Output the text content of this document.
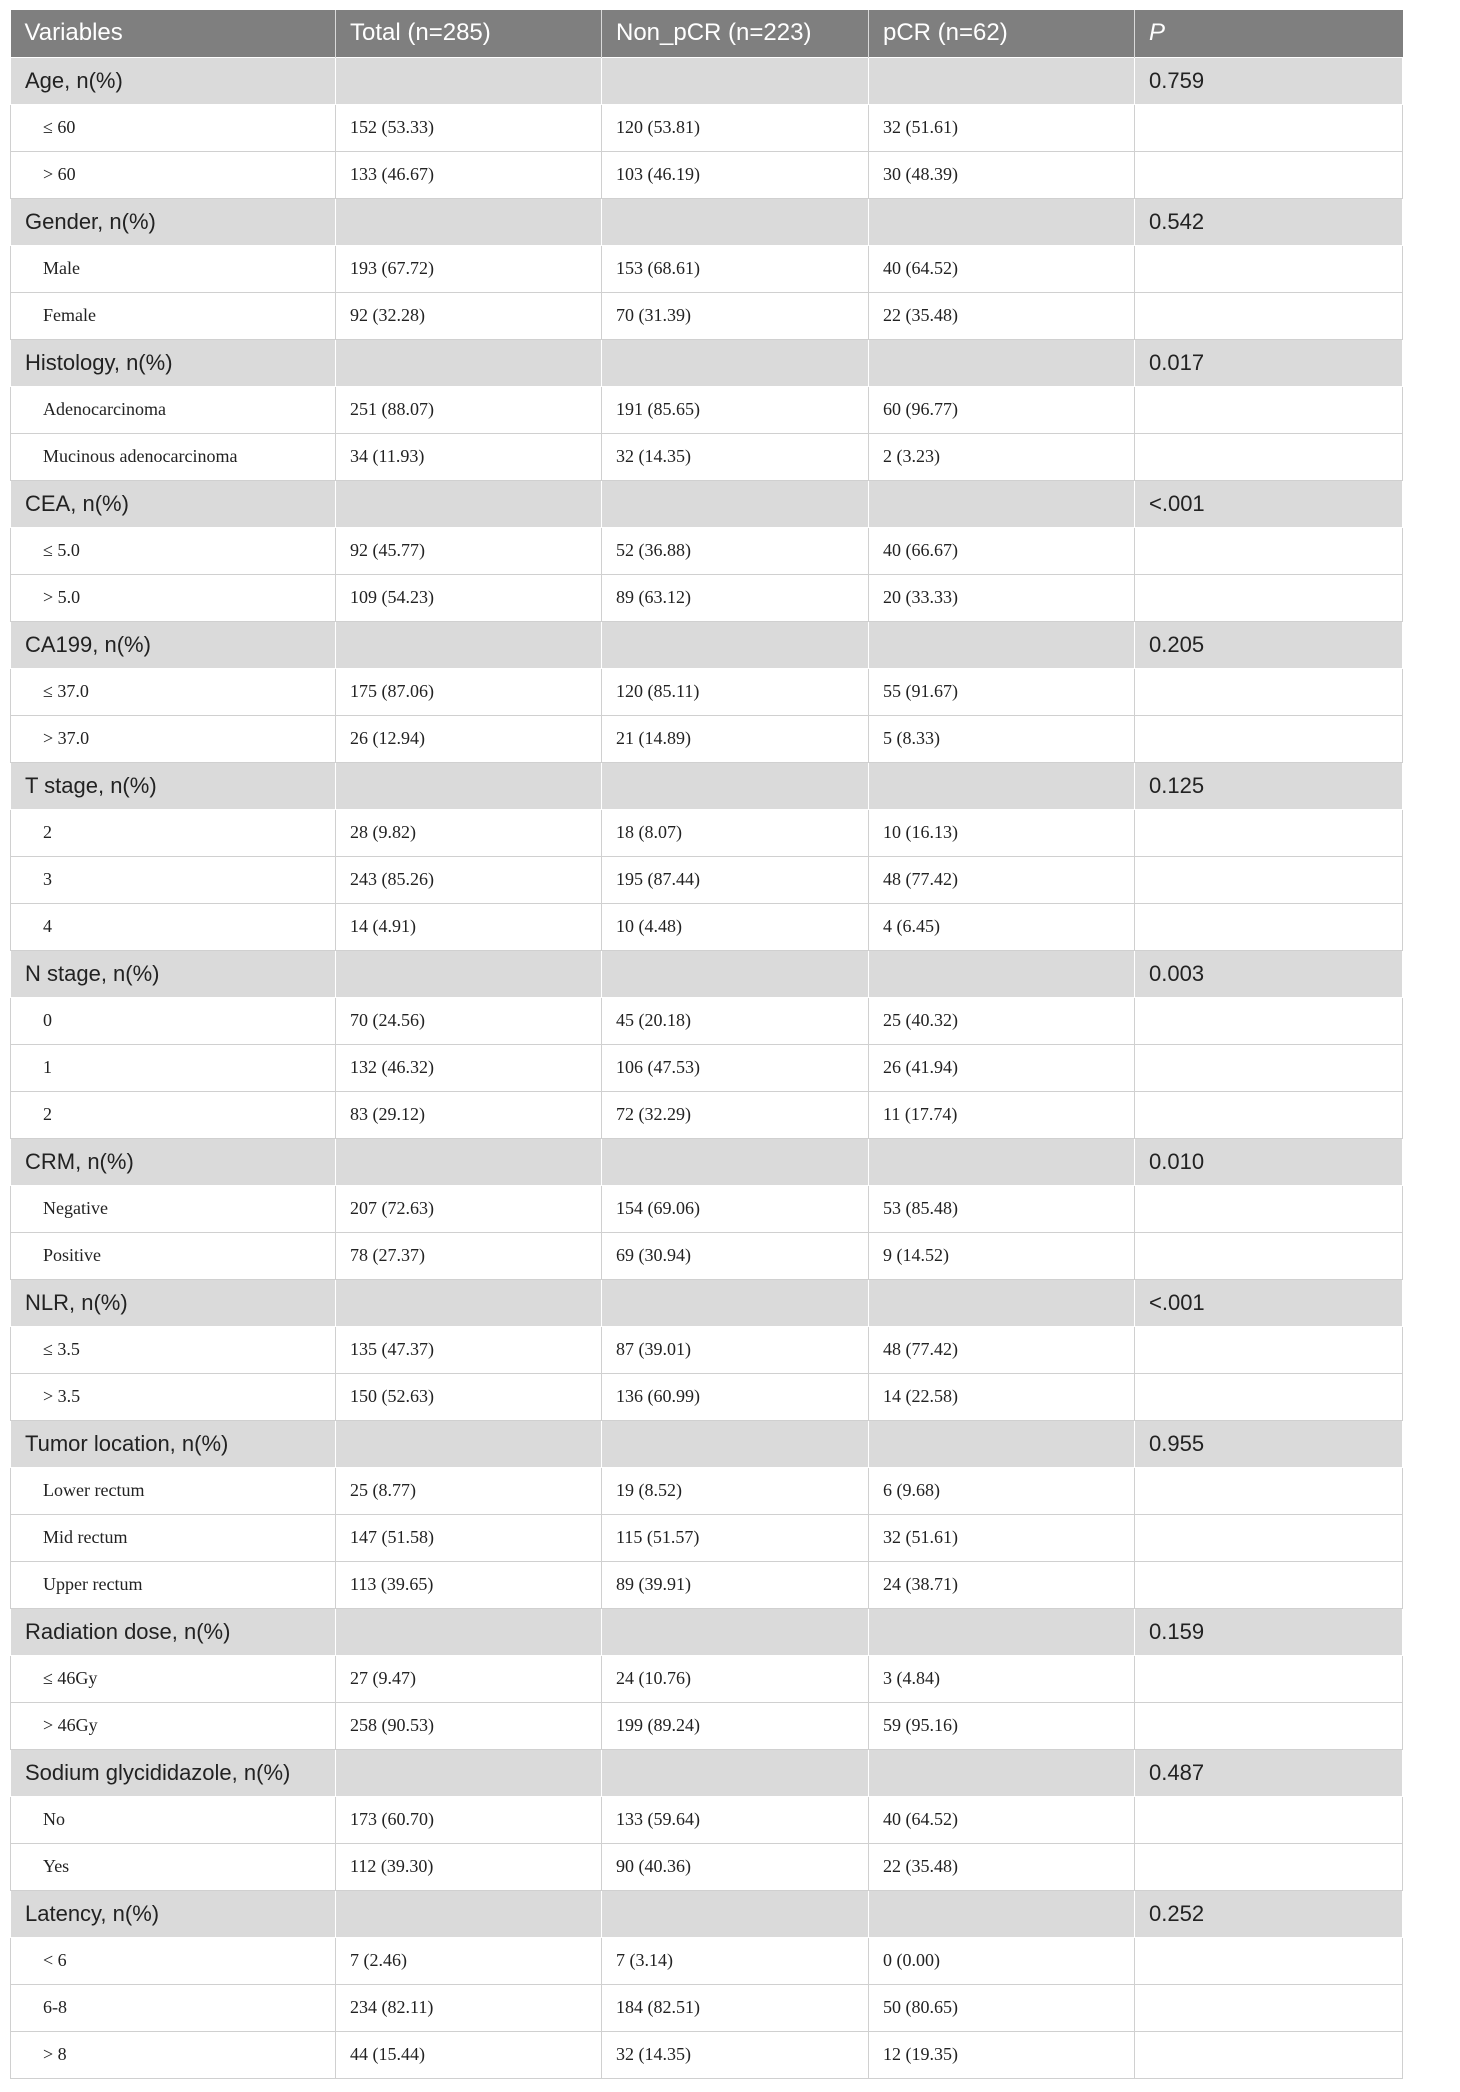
Variables	Total (n=285)	Non_pCR (n=223)	pCR (n=62)	P
Age, n(%)				0.759
≤ 60	152 (53.33)	120 (53.81)	32 (51.61)	
> 60	133 (46.67)	103 (46.19)	30 (48.39)	
Gender, n(%)				0.542
Male	193 (67.72)	153 (68.61)	40 (64.52)	
Female	92 (32.28)	70 (31.39)	22 (35.48)	
Histology, n(%)				0.017
Adenocarcinoma	251 (88.07)	191 (85.65)	60 (96.77)	
Mucinous adenocarcinoma	34 (11.93)	32 (14.35)	2 (3.23)	
CEA, n(%)				<.001
≤ 5.0	92 (45.77)	52 (36.88)	40 (66.67)	
> 5.0	109 (54.23)	89 (63.12)	20 (33.33)	
CA199, n(%)				0.205
≤ 37.0	175 (87.06)	120 (85.11)	55 (91.67)	
> 37.0	26 (12.94)	21 (14.89)	5 (8.33)	
T stage, n(%)				0.125
2	28 (9.82)	18 (8.07)	10 (16.13)	
3	243 (85.26)	195 (87.44)	48 (77.42)	
4	14 (4.91)	10 (4.48)	4 (6.45)	
N stage, n(%)				0.003
0	70 (24.56)	45 (20.18)	25 (40.32)	
1	132 (46.32)	106 (47.53)	26 (41.94)	
2	83 (29.12)	72 (32.29)	11 (17.74)	
CRM, n(%)				0.010
Negative	207 (72.63)	154 (69.06)	53 (85.48)	
Positive	78 (27.37)	69 (30.94)	9 (14.52)	
NLR, n(%)				<.001
≤ 3.5	135 (47.37)	87 (39.01)	48 (77.42)	
> 3.5	150 (52.63)	136 (60.99)	14 (22.58)	
Tumor location, n(%)				0.955
Lower rectum	25 (8.77)	19 (8.52)	6 (9.68)	
Mid rectum	147 (51.58)	115 (51.57)	32 (51.61)	
Upper rectum	113 (39.65)	89 (39.91)	24 (38.71)	
Radiation dose, n(%)				0.159
≤ 46Gy	27 (9.47)	24 (10.76)	3 (4.84)	
> 46Gy	258 (90.53)	199 (89.24)	59 (95.16)	
Sodium glycididazole, n(%)				0.487
No	173 (60.70)	133 (59.64)	40 (64.52)	
Yes	112 (39.30)	90 (40.36)	22 (35.48)	
Latency, n(%)				0.252
< 6	7 (2.46)	7 (3.14)	0 (0.00)	
6-8	234 (82.11)	184 (82.51)	50 (80.65)	
> 8	44 (15.44)	32 (14.35)	12 (19.35)	
